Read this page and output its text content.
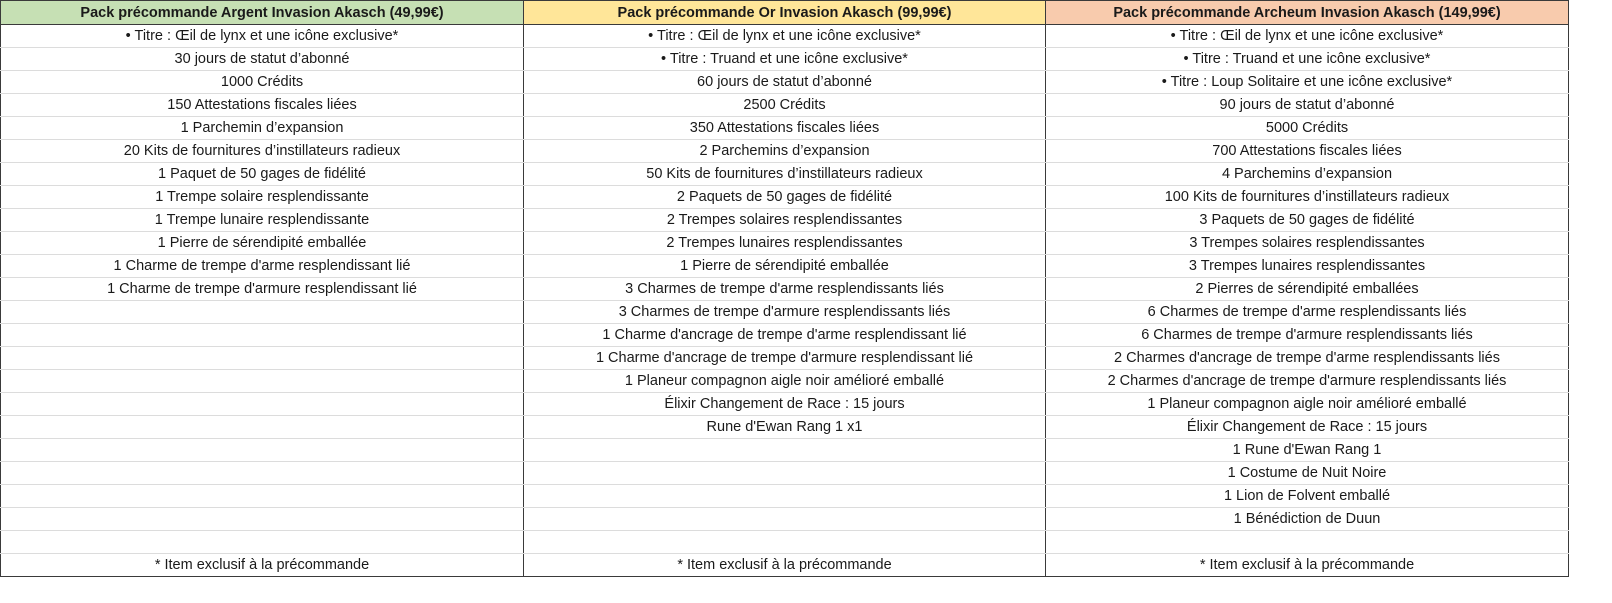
Pack précommande Argent Invasion Akasch (49,99€)	Pack précommande Or Invasion Akasch (99,99€)	Pack précommande Archeum Invasion Akasch (149,99€)
• Titre : Œil de lynx et une icône exclusive*	• Titre : Œil de lynx et une icône exclusive*	• Titre : Œil de lynx et une icône exclusive*
30 jours de statut d’abonné	• Titre : Truand et une icône exclusive*	• Titre : Truand et une icône exclusive*
1000 Crédits	60 jours de statut d’abonné	• Titre : Loup Solitaire et une icône exclusive*
150 Attestations fiscales liées	2500 Crédits	90 jours de statut d’abonné
1 Parchemin d’expansion	350 Attestations fiscales liées	5000 Crédits
20 Kits de fournitures d’instillateurs radieux	2 Parchemins d’expansion	700 Attestations fiscales liées
1 Paquet de 50 gages de fidélité	50 Kits de fournitures d’instillateurs radieux	4 Parchemins d’expansion
1 Trempe solaire resplendissante	2 Paquets de 50 gages de fidélité	100 Kits de fournitures d’instillateurs radieux
1 Trempe lunaire resplendissante	2 Trempes solaires resplendissantes	3 Paquets de 50 gages de fidélité
1 Pierre de sérendipité emballée	2 Trempes lunaires resplendissantes	3 Trempes solaires resplendissantes
1 Charme de trempe d'arme resplendissant lié	1 Pierre de sérendipité emballée	3 Trempes lunaires resplendissantes
1 Charme de trempe d'armure resplendissant lié	3 Charmes de trempe d'arme resplendissants liés	2 Pierres de sérendipité emballées
	3 Charmes de trempe d'armure resplendissants liés	6 Charmes de trempe d'arme resplendissants liés
	1 Charme d'ancrage de trempe d'arme resplendissant lié	6 Charmes de trempe d'armure resplendissants liés
	1 Charme d'ancrage de trempe d'armure resplendissant lié	2 Charmes d'ancrage de trempe d'arme resplendissants liés
	1 Planeur compagnon aigle noir amélioré emballé	2 Charmes d'ancrage de trempe d'armure resplendissants liés
	Élixir Changement de Race : 15 jours	1 Planeur compagnon aigle noir amélioré emballé
	Rune d'Ewan Rang 1 x1	Élixir Changement de Race : 15 jours
		1 Rune d'Ewan Rang 1
		1 Costume de Nuit Noire
		1 Lion de Folvent emballé
		1 Bénédiction de Duun

* Item exclusif à la précommande	* Item exclusif à la précommande	* Item exclusif à la précommande
